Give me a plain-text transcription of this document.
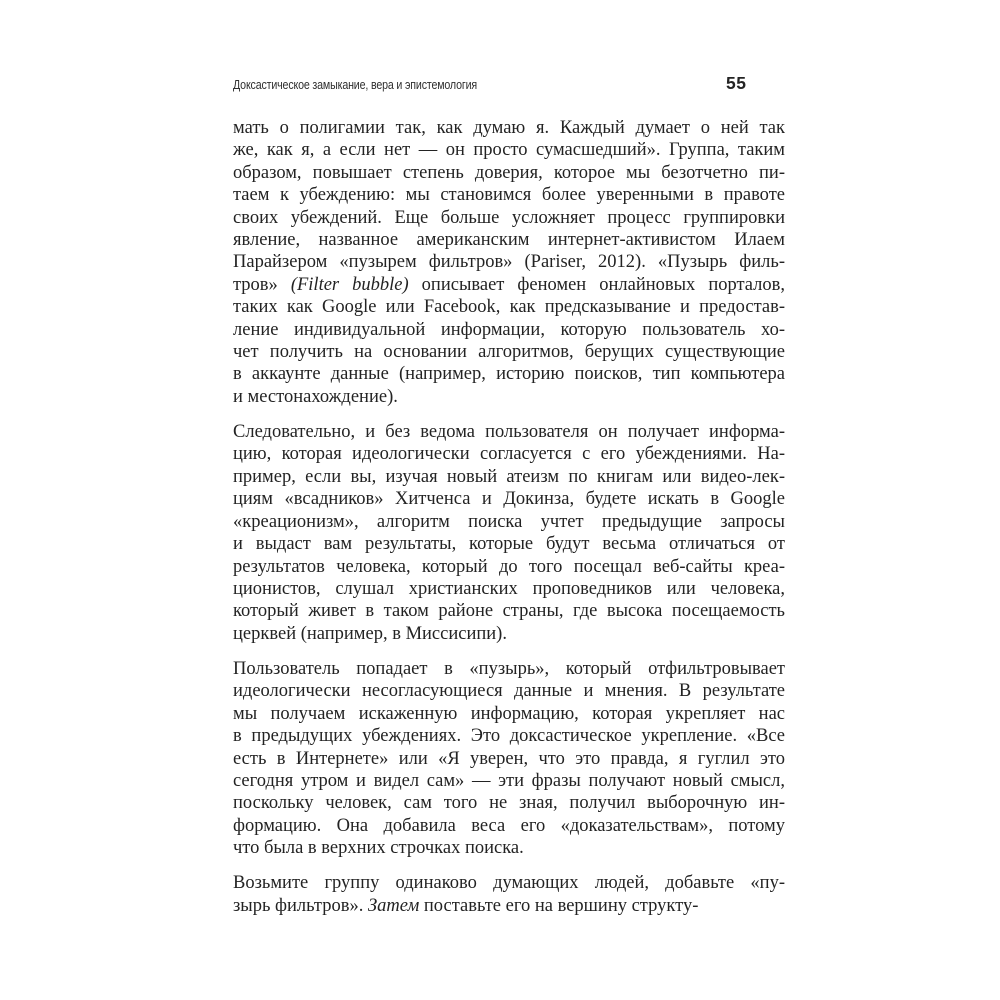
Доксастическое замыкание, вера и эпистемология	55
мать о полигамии так, как думаю я. Каждый думает о ней так
же, как я, а если нет — он просто сумасшедший». Группа, таким
образом, повышает степень доверия, которое мы безотчетно пи-
таем к убеждению: мы становимся более уверенными в правоте
своих убеждений. Еще больше усложняет процесс группировки
явление, названное американским интернет-активистом Илаем
Парайзером «пузырем фильтров» (Pariser, 2012). «Пузырь филь-
тров» (Filter bubble) описывает феномен онлайновых порталов,
таких как Google или Facebook, как предсказывание и предостав-
ление индивидуальной информации, которую пользователь хо-
чет получить на основании алгоритмов, берущих существующие
в аккаунте данные (например, историю поисков, тип компьютера
и местонахождение).
Следовательно, и без ведома пользователя он получает информа-
цию, которая идеологически согласуется с его убеждениями. На-
пример, если вы, изучая новый атеизм по книгам или видео-лек-
циям «всадников» Хитченса и Докинза, будете искать в Google
«креационизм», алгоритм поиска учтет предыдущие запросы
и выдаст вам результаты, которые будут весьма отличаться от
результатов человека, который до того посещал веб-сайты креа-
ционистов, слушал христианских проповедников или человека,
который живет в таком районе страны, где высока посещаемость
церквей (например, в Миссисипи).
Пользователь попадает в «пузырь», который отфильтровывает
идеологически несогласующиеся данные и мнения. В результате
мы получаем искаженную информацию, которая укрепляет нас
в предыдущих убеждениях. Это доксастическое укрепление. «Все
есть в Интернете» или «Я уверен, что это правда, я гуглил это
сегодня утром и видел сам» — эти фразы получают новый смысл,
поскольку человек, сам того не зная, получил выборочную ин-
формацию. Она добавила веса его «доказательствам», потому
что была в верхних строчках поиска.
Возьмите группу одинаково думающих людей, добавьте «пу-
зырь фильтров». Затем поставьте его на вершину структу-
